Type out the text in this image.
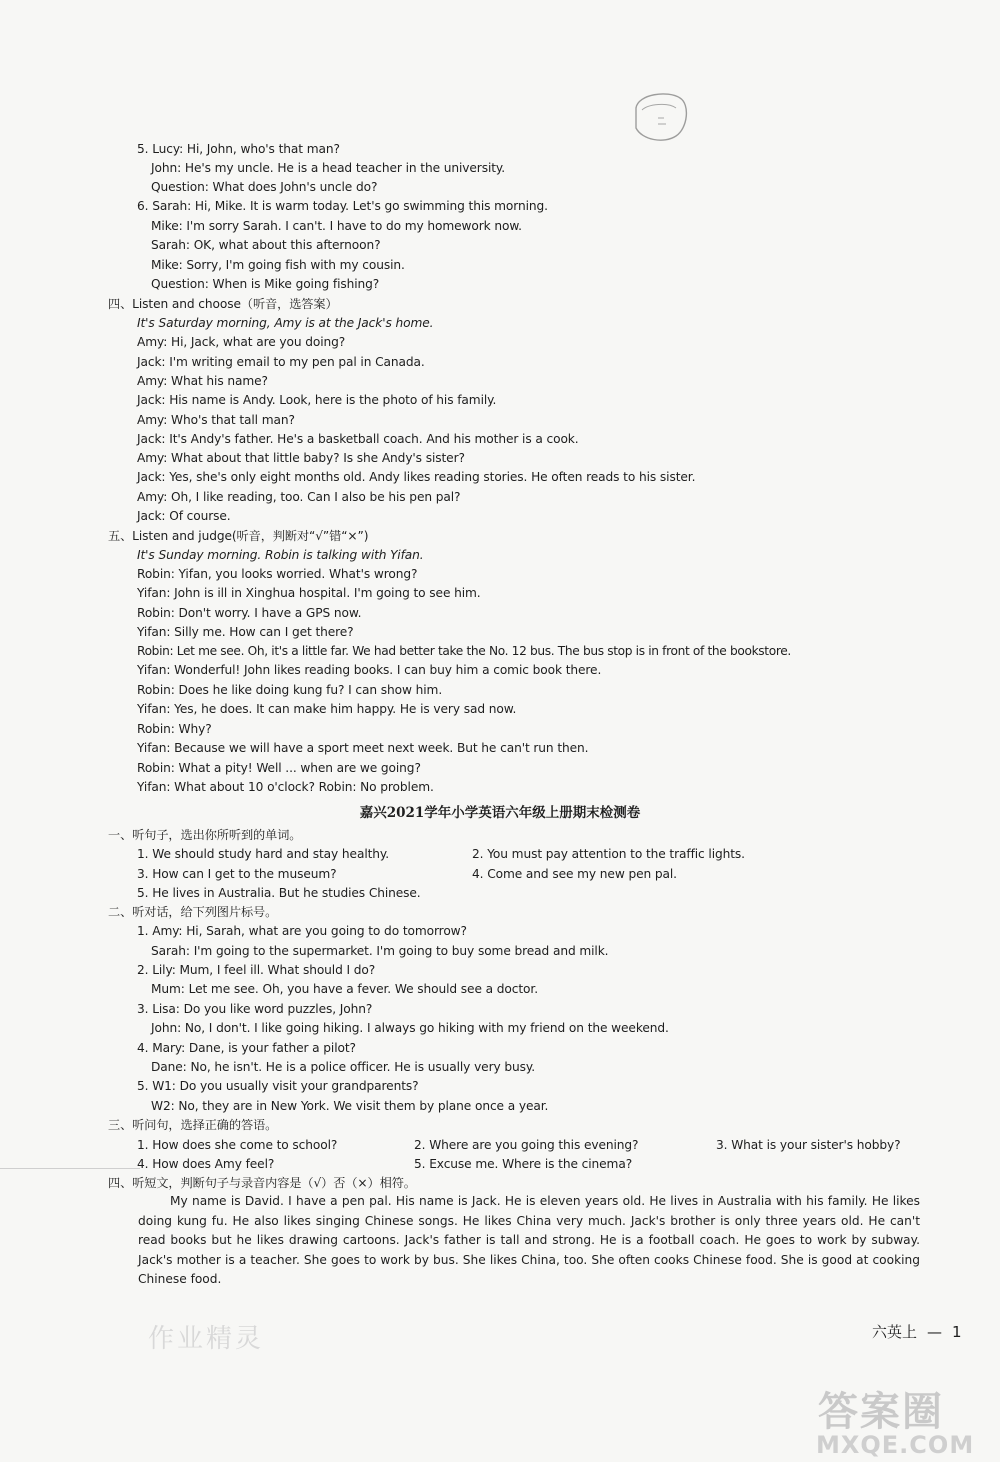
5. Lucy: Hi, John, who's that man?
John: He's my uncle. He is a head teacher in the university.
Question: What does John's uncle do?
6. Sarah: Hi, Mike. It is warm today. Let's go swimming this morning.
Mike: I'm sorry Sarah. I can't. I have to do my homework now.
Sarah: OK, what about this afternoon?
Mike: Sorry, I'm going fish with my cousin.
Question: When is Mike going fishing?
四、Listen and choose（听音，选答案）
It's Saturday morning, Amy is at the Jack's home.
Amy: Hi, Jack, what are you doing?
Jack: I'm writing email to my pen pal in Canada.
Amy: What his name?
Jack: His name is Andy. Look, here is the photo of his family.
Amy: Who's that tall man?
Jack: It's Andy's father. He's a basketball coach. And his mother is a cook.
Amy: What about that little baby? Is she Andy's sister?
Jack: Yes, she's only eight months old. Andy likes reading stories. He often reads to his sister.
Amy: Oh, I like reading, too. Can I also be his pen pal?
Jack: Of course.
五、Listen and judge(听音，判断对“√”错“×”)
It's Sunday morning. Robin is talking with Yifan.
Robin: Yifan, you looks worried. What's wrong?
Yifan: John is ill in Xinghua hospital. I'm going to see him.
Robin: Don't worry. I have a GPS now.
Yifan: Silly me. How can I get there?
Robin: Let me see. Oh, it's a little far. We had better take the No. 12 bus. The bus stop is in front of the bookstore.
Yifan: Wonderful! John likes reading books. I can buy him a comic book there.
Robin: Does he like doing kung fu? I can show him.
Yifan: Yes, he does. It can make him happy. He is very sad now.
Robin: Why?
Yifan: Because we will have a sport meet next week. But he can't run then.
Robin: What a pity! Well ... when are we going?
Yifan: What about 10 o'clock? Robin: No problem.
嘉兴2021学年小学英语六年级上册期末检测卷
一、听句子，选出你所听到的单词。
1. We should study hard and stay healthy.	2. You must pay attention to the traffic lights.
3. How can I get to the museum?	4. Come and see my new pen pal.
5. He lives in Australia. But he studies Chinese.
二、听对话，给下列图片标号。
1. Amy: Hi, Sarah, what are you going to do tomorrow?
Sarah: I'm going to the supermarket. I'm going to buy some bread and milk.
2. Lily: Mum, I feel ill. What should I do?
Mum: Let me see. Oh, you have a fever. We should see a doctor.
3. Lisa: Do you like word puzzles, John?
John: No, I don't. I like going hiking. I always go hiking with my friend on the weekend.
4. Mary: Dane, is your father a pilot?
Dane: No, he isn't. He is a police officer. He is usually very busy.
5. W1: Do you usually visit your grandparents?
W2: No, they are in New York. We visit them by plane once a year.
三、听问句，选择正确的答语。
1. How does she come to school?	2. Where are you going this evening?	3. What is your sister's hobby?
4. How does Amy feel?	5. Excuse me. Where is the cinema?
四、听短文，判断句子与录音内容是（√）否（×）相符。
My name is David. I have a pen pal. His name is Jack. He is eleven years old. He lives in Australia with his family. He likes doing kung fu. He also likes singing Chinese songs. He likes China very much. Jack's brother is only three years old. He can't read books but he likes drawing cartoons. Jack's father is tall and strong. He is a football coach. He goes to work by subway. Jack's mother is a teacher. She goes to work by bus. She likes China, too. She often cooks Chinese food. She is good at cooking Chinese food.
作业精灵	六英上 — 1
答案圈
MXQE.COM
